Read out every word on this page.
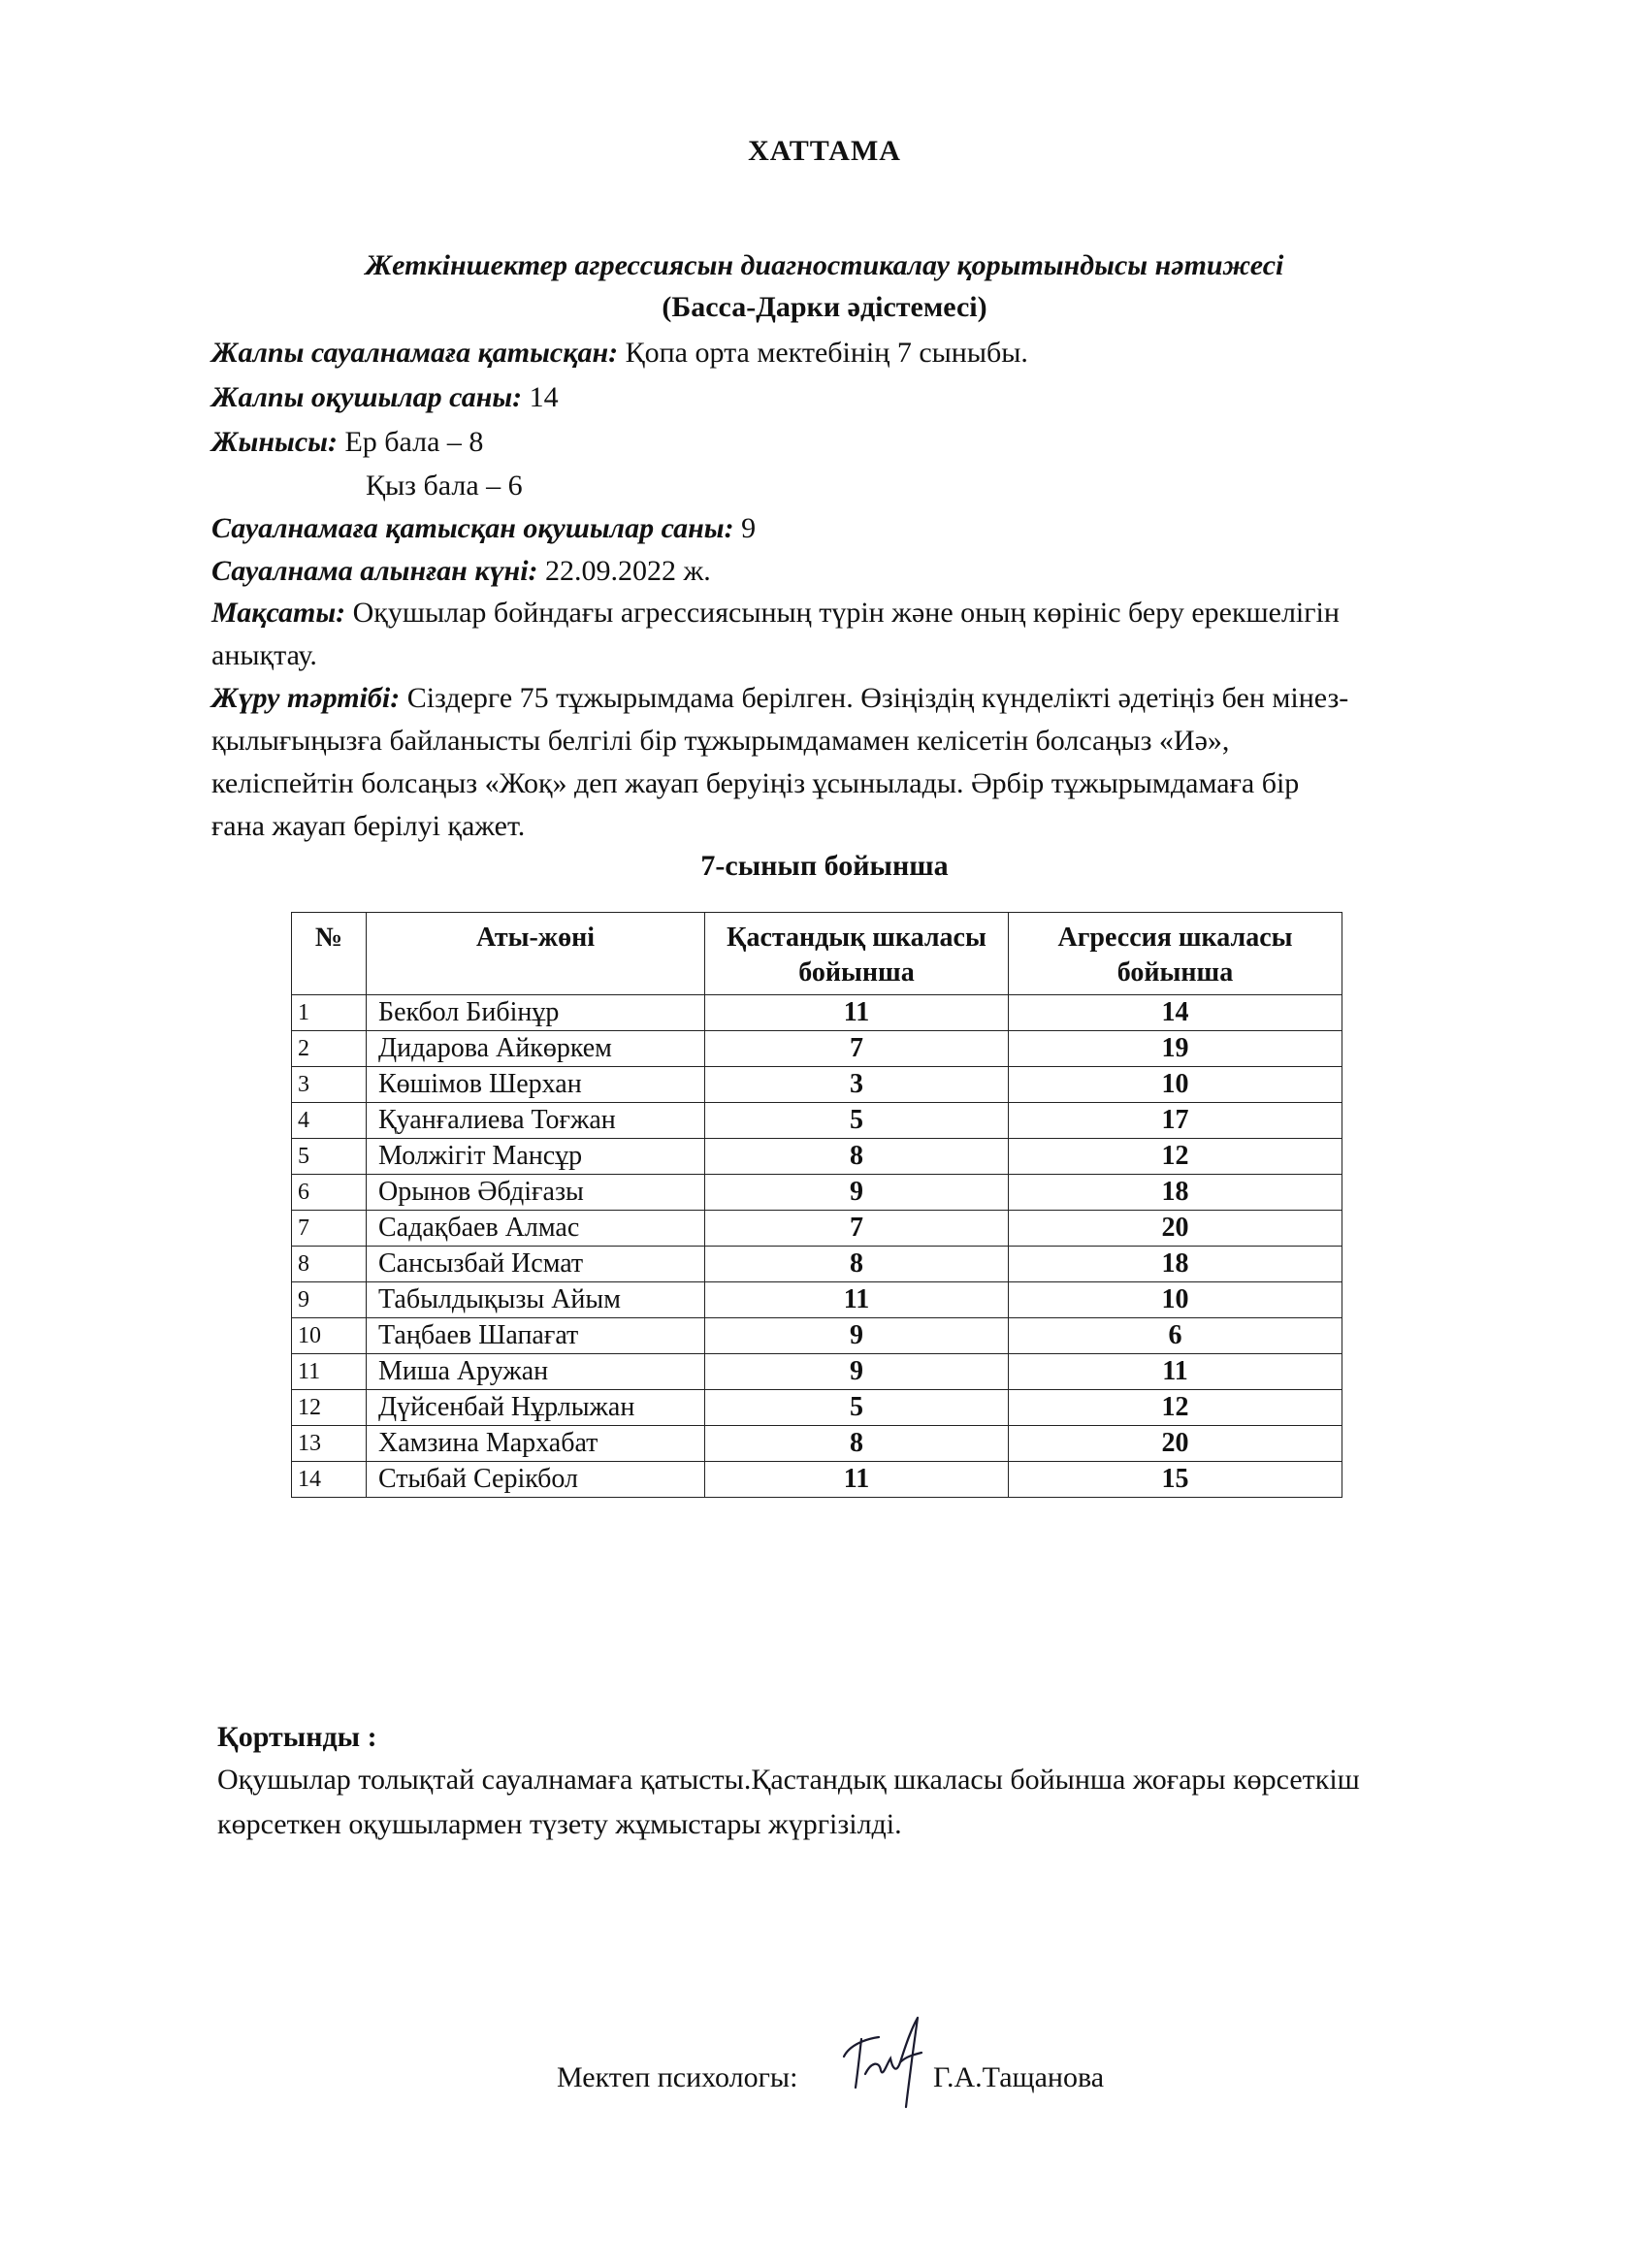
ХАТТАМА
Жеткіншектер агрессиясын диагностикалау қорытындысы нәтижесі
(Басса-Дарки әдістемесі)
Жалпы сауалнамаға қатысқан: Қопа орта мектебінің 7 сыныбы.
Жалпы оқушылар саны: 14
Жынысы: Ер бала – 8
Қыз бала – 6
Сауалнамаға қатысқан оқушылар саны: 9
Сауалнама алынған күні: 22.09.2022 ж.
Мақсаты: Оқушылар бойндағы агрессиясының түрін және оның көрініс беру ерекшелігін анықтау.
Жүру тәртібі: Сіздерге 75 тұжырымдама берілген. Өзіңіздің күнделікті әдетіңіз бен мінез-қылығыңызға байланысты белгілі бір тұжырымдамамен келісетін болсаңыз «Иә», келіспейтін болсаңыз «Жоқ» деп жауап беруіңіз ұсынылады. Әрбір тұжырымдамаға бір ғана жауап берілуі қажет.
7-сынып бойынша
№	Аты-жөні	Қастандық шкаласы бойынша	Агрессия шкаласы бойынша
1	Бекбол Бибінұр	11	14
2	Дидарова Айкөркем	7	19
3	Көшімов Шерхан	3	10
4	Қуанғалиева Тоғжан	5	17
5	Молжігіт Мансұр	8	12
6	Орынов Әбдіғазы	9	18
7	Садақбаев Алмас	7	20
8	Сансызбай Исмат	8	18
9	Табылдықызы Айым	11	10
10	Таңбаев Шапағат	9	6
11	Миша Аружан	9	11
12	Дүйсенбай Нұрлыжан	5	12
13	Хамзина Мархабат	8	20
14	Стыбай Серікбол	11	15
Қортынды :
Оқушылар толықтай сауалнамаға қатысты.Қастандық шкаласы бойынша жоғары көрсеткіш көрсеткен оқушылармен түзету жұмыстары жүргізілді.
Мектеп психологы:	Г.А.Тащанова
